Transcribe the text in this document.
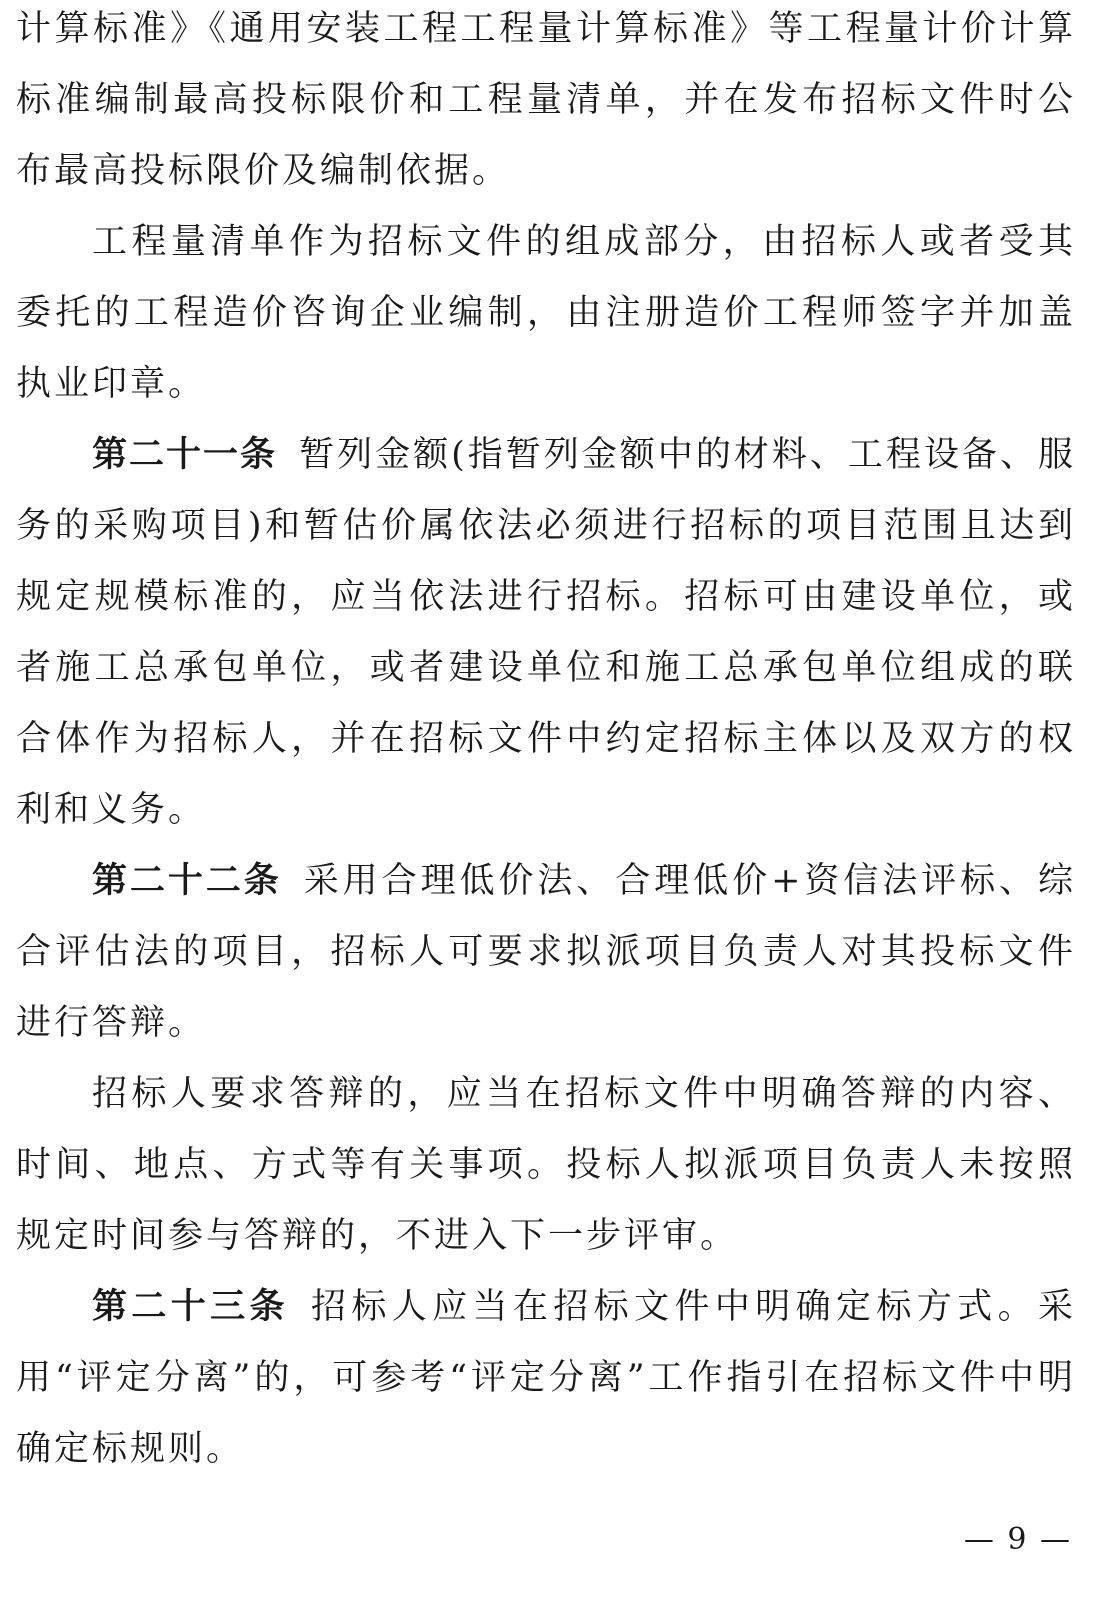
计算标准》《通用安装工程工程量计算标准》等工程量计价计算标准编制最高投标限价和工程量清单，并在发布招标文件时公布最高投标限价及编制依据。

工程量清单作为招标文件的组成部分，由招标人或者受其委托的工程造价咨询企业编制，由注册造价工程师签字并加盖执业印章。

第二十一条 暂列金额(指暂列金额中的材料、工程设备、服务的采购项目)和暂估价属依法必须进行招标的项目范围且达到规定规模标准的，应当依法进行招标。招标可由建设单位，或者施工总承包单位，或者建设单位和施工总承包单位组成的联合体作为招标人，并在招标文件中约定招标主体以及双方的权利和义务。

第二十二条 采用合理低价法、合理低价+资信法评标、综合评估法的项目，招标人可要求拟派项目负责人对其投标文件进行答辩。

招标人要求答辩的，应当在招标文件中明确答辩的内容、时间、地点、方式等有关事项。投标人拟派项目负责人未按照规定时间参与答辩的，不进入下一步评审。

第二十三条 招标人应当在招标文件中明确定标方式。采用“评定分离”的，可参考“评定分离”工作指引在招标文件中明确定标规则。

— 9 —
